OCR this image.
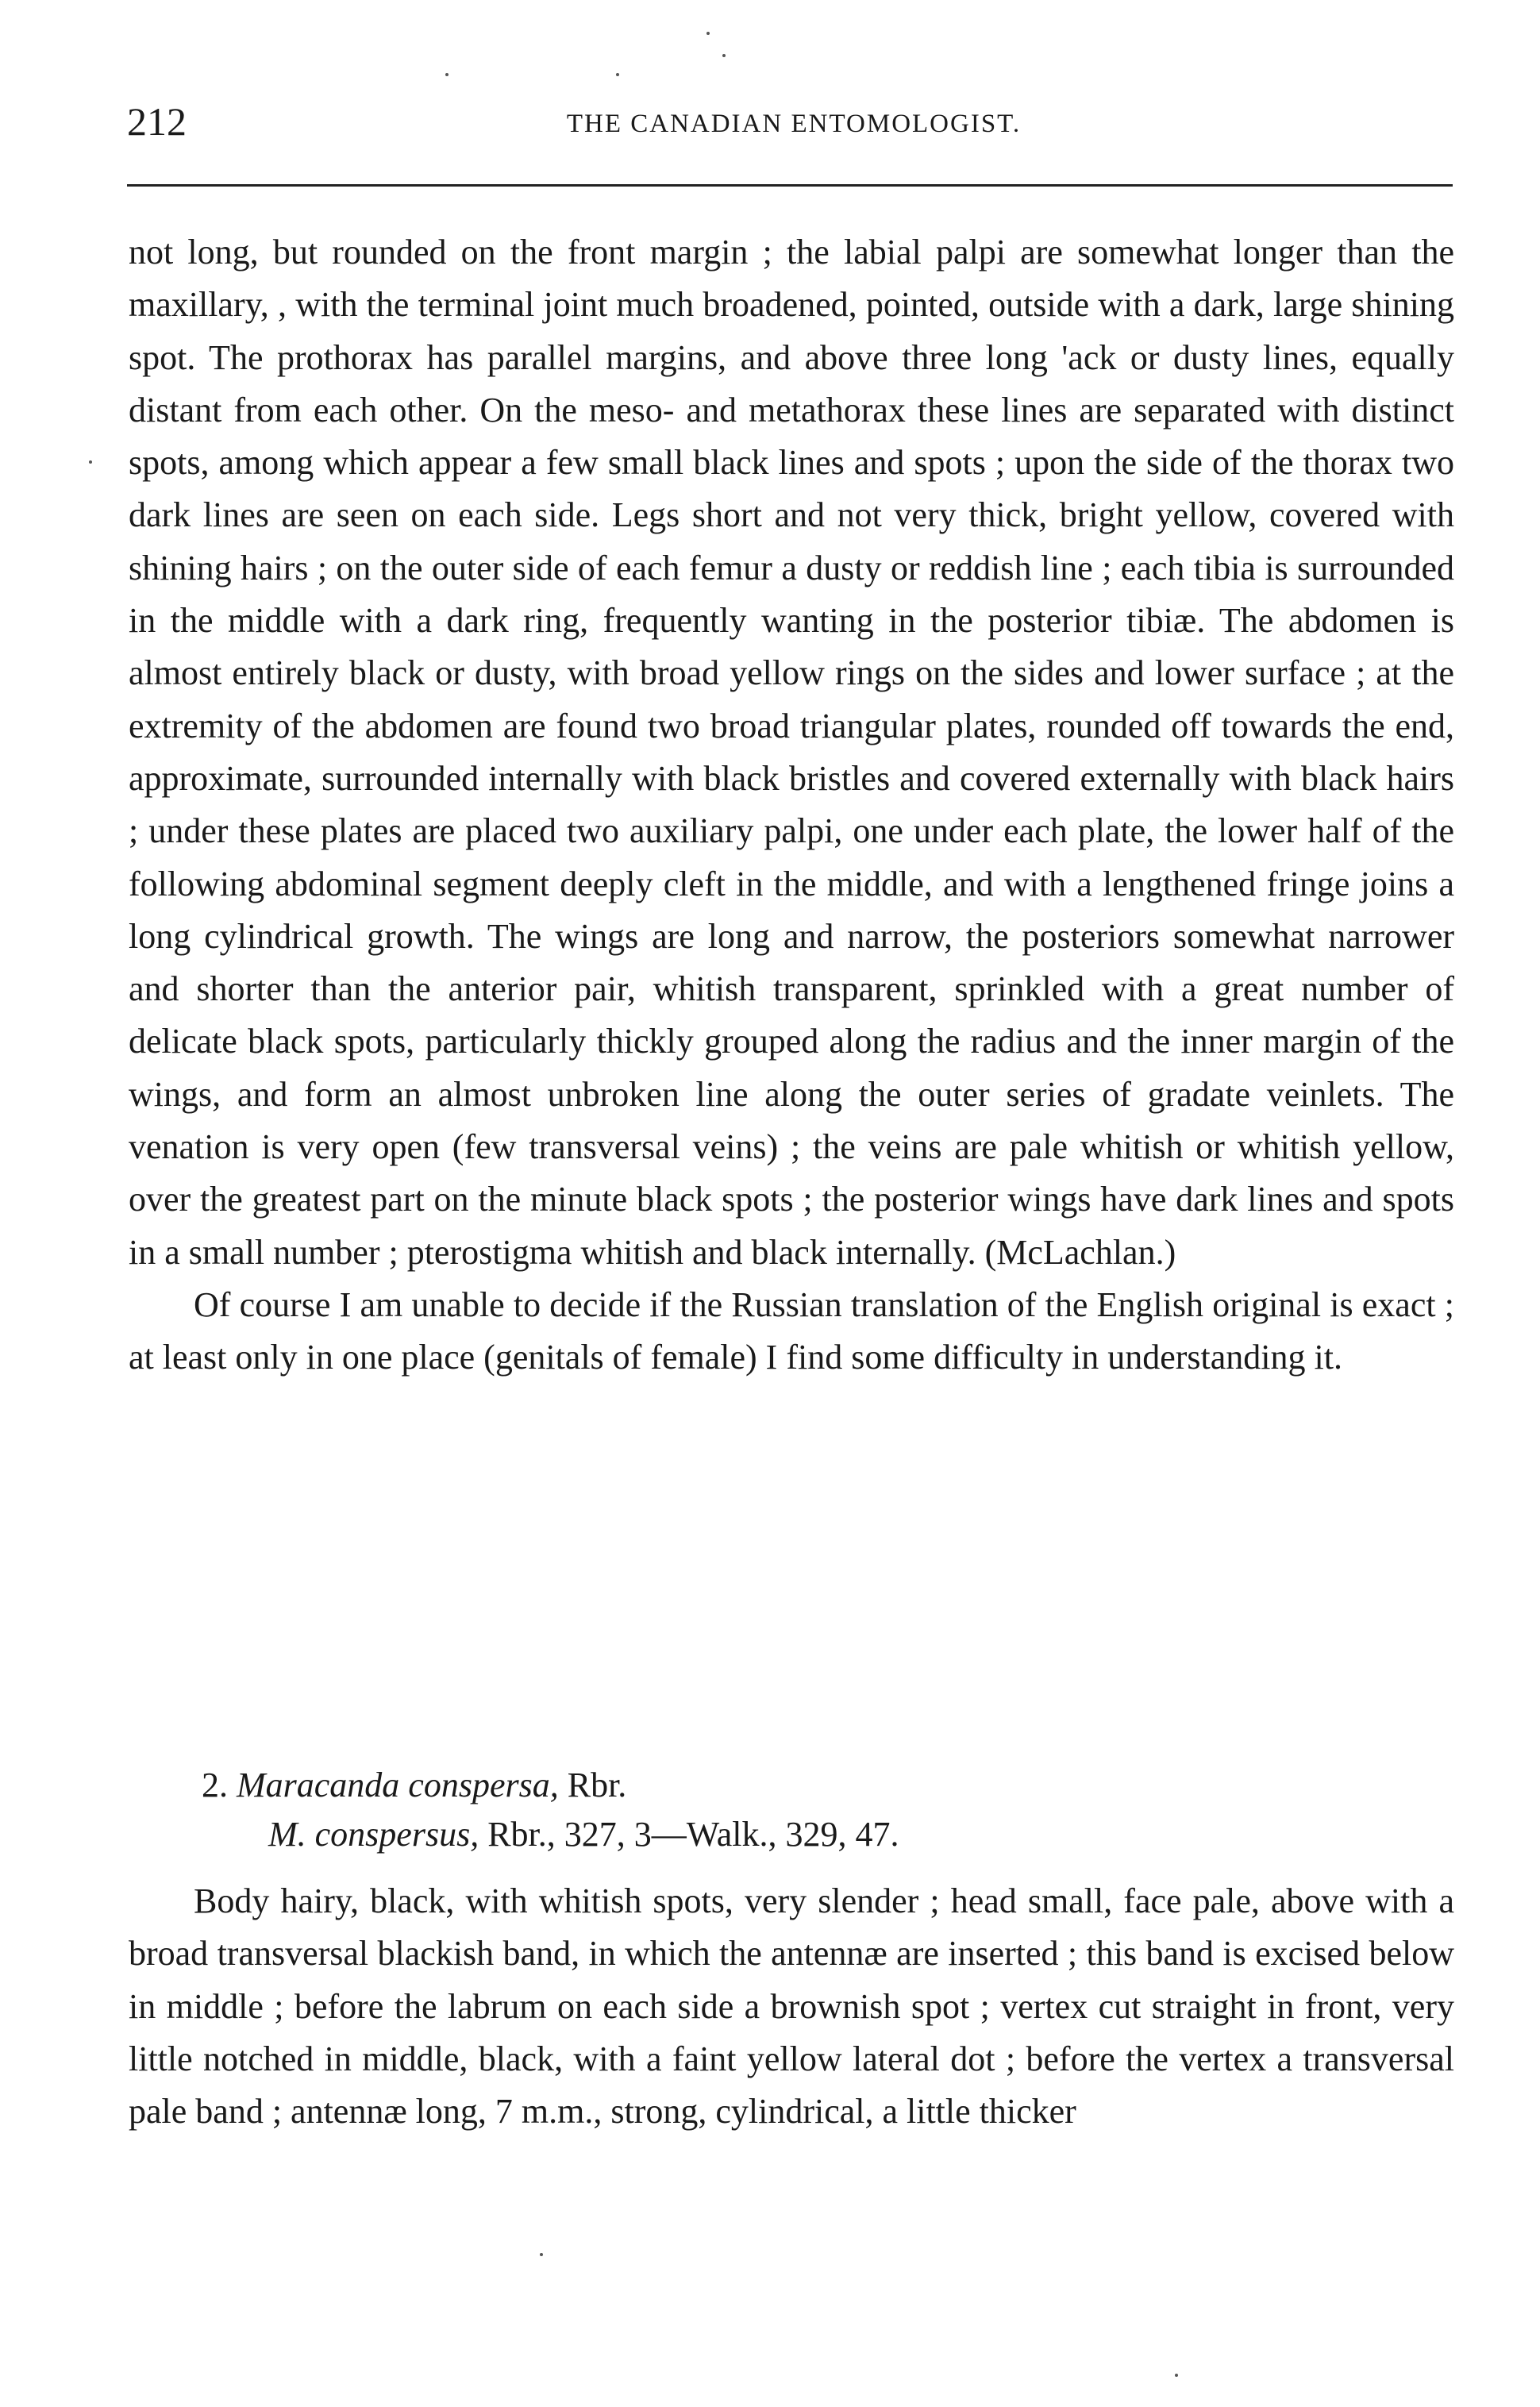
212	THE CANADIAN ENTOMOLOGIST.

not long, but rounded on the front margin ; the labial palpi are somewhat longer than the maxillary, , with the terminal joint much broadened, pointed, outside with a dark, large shining spot. The prothorax has parallel margins, and above three long 'ack or dusty lines, equally distant from each other. On the meso- and metathorax these lines are separated with distinct spots, among which appear a few small black lines and spots ; upon the side of the thorax two dark lines are seen on each side. Legs short and not very thick, bright yellow, covered with shining hairs ; on the outer side of each femur a dusty or reddish line ; each tibia is surrounded in the middle with a dark ring, frequently wanting in the posterior tibiæ. The abdomen is almost entirely black or dusty, with broad yellow rings on the sides and lower surface ; at the extremity of the abdomen are found two broad triangular plates, rounded off towards the end, approximate, surrounded internally with black bristles and covered externally with black hairs ; under these plates are placed two auxiliary palpi, one under each plate, the lower half of the following abdominal segment deeply cleft in the middle, and with a lengthened fringe joins a long cylindrical growth. The wings are long and narrow, the posteriors somewhat narrower and shorter than the anterior pair, whitish transparent, sprinkled with a great number of delicate black spots, particularly thickly grouped along the radius and the inner margin of the wings, and form an almost unbroken line along the outer series of gradate veinlets. The venation is very open (few transversal veins) ; the veins are pale whitish or whitish yellow, over the greatest part on the minute black spots ; the posterior wings have dark lines and spots in a small number ; pterostigma whitish and black internally. (McLachlan.)

Of course I am unable to decide if the Russian translation of the English original is exact ; at least only in one place (genitals of female) I find some difficulty in understanding it.

2. Maracanda conspersa, Rbr.
M. conspersus, Rbr., 327, 3—Walk., 329, 47.

Body hairy, black, with whitish spots, very slender ; head small, face pale, above with a broad transversal blackish band, in which the antennæ are inserted ; this band is excised below in middle ; before the labrum on each side a brownish spot ; vertex cut straight in front, very little notched in middle, black, with a faint yellow lateral dot ; before the vertex a transversal pale band ; antennæ long, 7 m.m., strong, cylindrical, a little thicker
